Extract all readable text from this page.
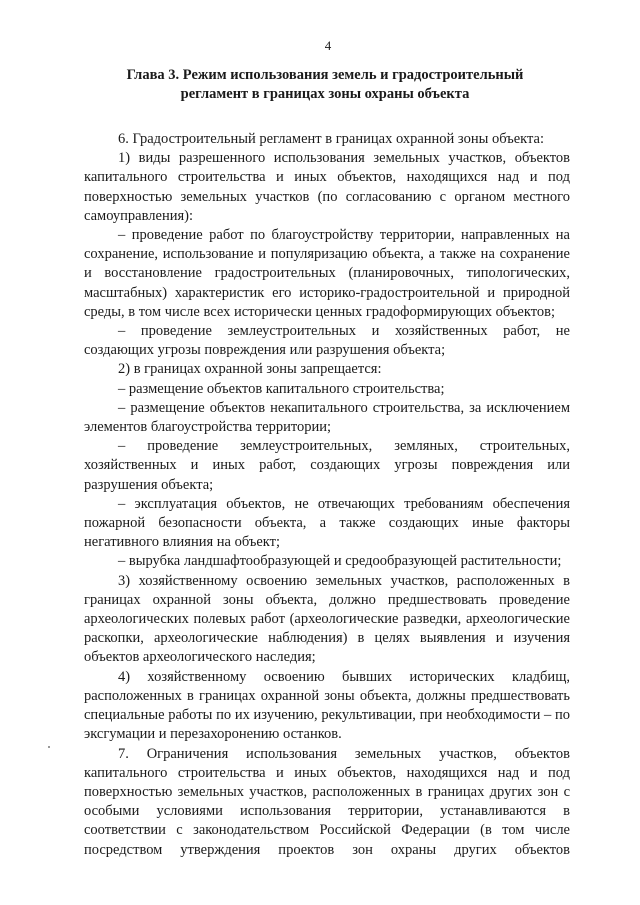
4
Глава 3. Режим использования земель и градостроительный
регламент в границах зоны охраны объекта

6. Градостроительный регламент в границах охранной зоны объекта:

1) виды разрешенного использования земельных участков, объектов капитального строительства и иных объектов, находящихся над и под поверхностью земельных участков (по согласованию с органом местного самоуправления):

– проведение работ по благоустройству территории, направленных на сохранение, использование и популяризацию объекта, а также на сохранение и восстановление градостроительных (планировочных, типологических, масштабных) характеристик его историко-градостроительной и природной среды, в том числе всех исторически ценных градоформирующих объектов;

– проведение землеустроительных и хозяйственных работ, не создающих угрозы повреждения или разрушения объекта;

2) в границах охранной зоны запрещается:

– размещение объектов капитального строительства;

– размещение объектов некапитального строительства, за исключением элементов благоустройства территории;

– проведение землеустроительных, земляных, строительных, хозяйственных и иных работ, создающих угрозы повреждения или разрушения объекта;

– эксплуатация объектов, не отвечающих требованиям обеспечения пожарной безопасности объекта, а также создающих иные факторы негативного влияния на объект;

– вырубка ландшафтообразующей и средообразующей растительности;

3) хозяйственному освоению земельных участков, расположенных в границах охранной зоны объекта, должно предшествовать проведение археологических полевых работ (археологические разведки, археологические раскопки, археологические наблюдения) в целях выявления и изучения объектов археологического наследия;

4) хозяйственному освоению бывших исторических кладбищ, расположенных в границах охранной зоны объекта, должны предшествовать специальные работы по их изучению, рекультивации, при необходимости – по эксгумации и перезахоронению останков.

7. Ограничения использования земельных участков, объектов капитального строительства и иных объектов, находящихся над и под поверхностью земельных участков, расположенных в границах других зон с особыми условиями использования территории, устанавливаются в соответствии с законодательством Российской Федерации (в том числе посредством утверждения проектов зон охраны других объектов
